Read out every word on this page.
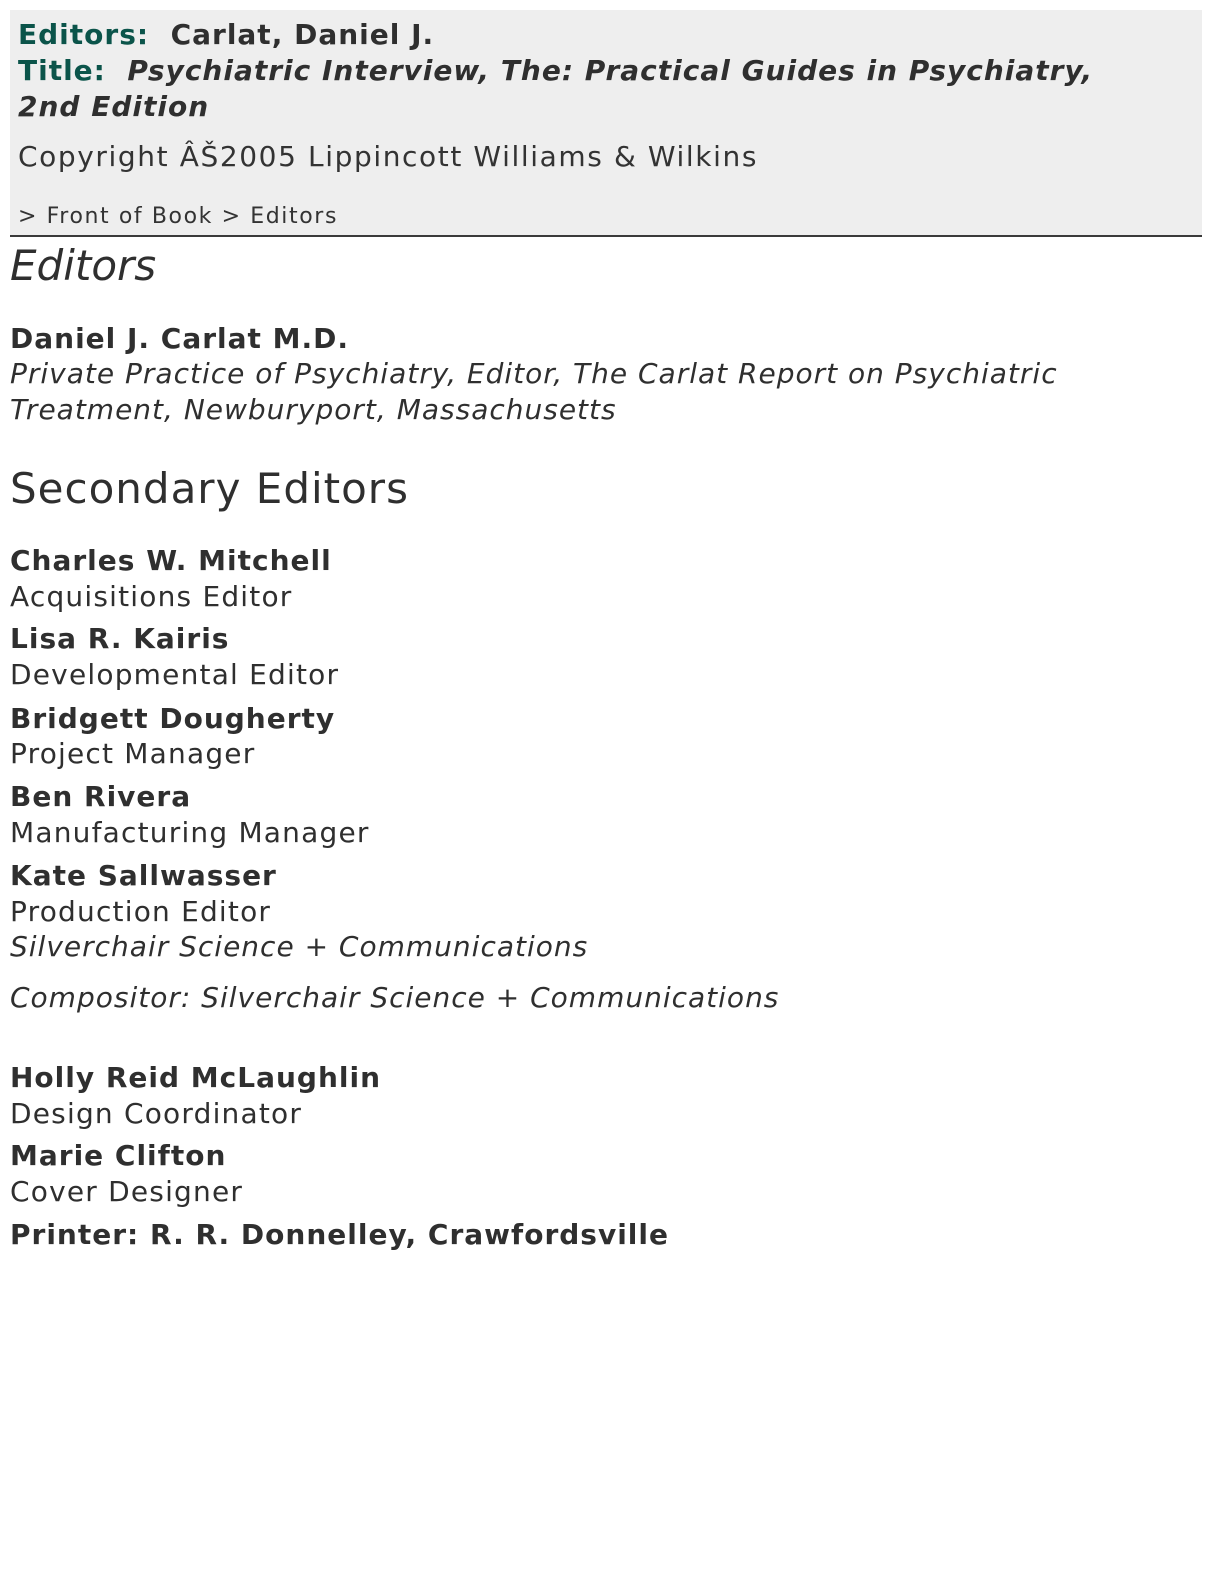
Editors: Carlat, Daniel J.
Title: Psychiatric Interview, The: Practical Guides in Psychiatry,
2nd Edition
Copyright ÂŠ2005 Lippincott Williams & Wilkins
> Front of Book > Editors
Editors
Daniel J. Carlat M.D.
Private Practice of Psychiatry, Editor, The Carlat Report on Psychiatric
Treatment, Newburyport, Massachusetts
Secondary Editors
Charles W. Mitchell
Acquisitions Editor
Lisa R. Kairis
Developmental Editor
Bridgett Dougherty
Project Manager
Ben Rivera
Manufacturing Manager
Kate Sallwasser
Production Editor
Silverchair Science + Communications
Compositor: Silverchair Science + Communications
Holly Reid McLaughlin
Design Coordinator
Marie Clifton
Cover Designer
Printer: R. R. Donnelley, Crawfordsville
